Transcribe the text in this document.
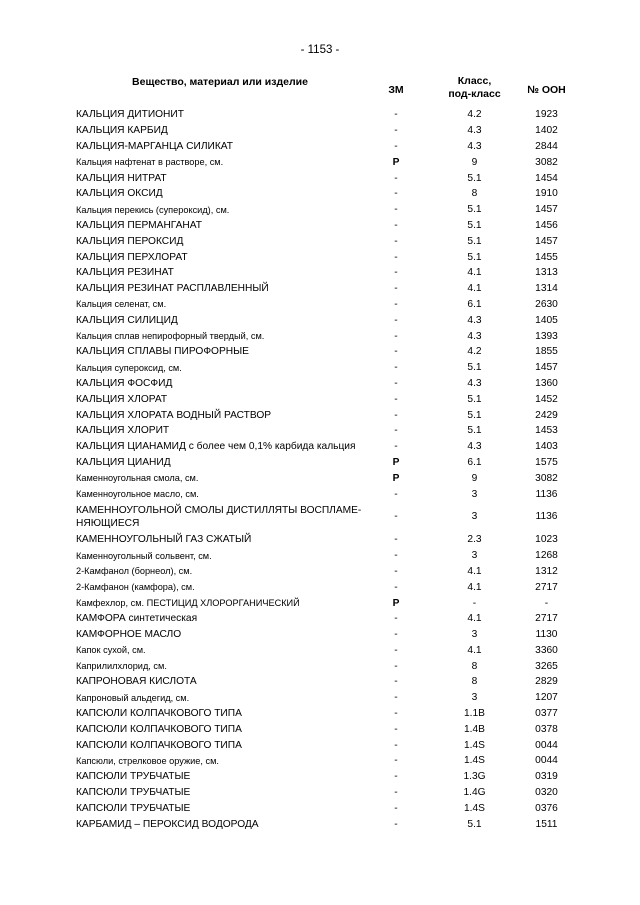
- 1153 -
Вещество, материал или изделие	ЗМ	Класс, под-класс	№ ООН
КАЛЬЦИЯ ДИТИОНИТ	-	4.2	1923
КАЛЬЦИЯ КАРБИД	-	4.3	1402
КАЛЬЦИЯ-МАРГАНЦА СИЛИКАТ	-	4.3	2844
Кальция нафтенат в растворе, см.	P	9	3082
КАЛЬЦИЯ НИТРАТ	-	5.1	1454
КАЛЬЦИЯ ОКСИД	-	8	1910
Кальция перекись (супероксид), см.	-	5.1	1457
КАЛЬЦИЯ ПЕРМАНГАНАТ	-	5.1	1456
КАЛЬЦИЯ ПЕРОКСИД	-	5.1	1457
КАЛЬЦИЯ ПЕРХЛОРАТ	-	5.1	1455
КАЛЬЦИЯ РЕЗИНАТ	-	4.1	1313
КАЛЬЦИЯ РЕЗИНАТ РАСПЛАВЛЕННЫЙ	-	4.1	1314
Кальция селенат, см.	-	6.1	2630
КАЛЬЦИЯ СИЛИЦИД	-	4.3	1405
Кальция сплав непирофорный твердый, см.	-	4.3	1393
КАЛЬЦИЯ СПЛАВЫ ПИРОФОРНЫЕ	-	4.2	1855
Кальция супероксид, см.	-	5.1	1457
КАЛЬЦИЯ ФОСФИД	-	4.3	1360
КАЛЬЦИЯ ХЛОРАТ	-	5.1	1452
КАЛЬЦИЯ ХЛОРАТА ВОДНЫЙ РАСТВОР	-	5.1	2429
КАЛЬЦИЯ ХЛОРИТ	-	5.1	1453
КАЛЬЦИЯ ЦИАНАМИД с более чем 0,1% карбида кальция	-	4.3	1403
КАЛЬЦИЯ ЦИАНИД	P	6.1	1575
Каменноугольная смола, см.	P	9	3082
Каменноугольное масло, см.	-	3	1136
КАМЕННОУГОЛЬНОЙ СМОЛЫ ДИСТИЛЛЯТЫ ВОСПЛАМЕ-НЯЮЩИЕСЯ	-	3	1136
КАМЕННОУГОЛЬНЫЙ ГАЗ СЖАТЫЙ	-	2.3	1023
Каменноугольный сольвент, см.	-	3	1268
2-Камфанол (борнеол), см.	-	4.1	1312
2-Камфанон (камфора), см.	-	4.1	2717
Камфехлор, см. ПЕСТИЦИД ХЛОРОРГАНИЧЕСКИЙ	P	-	-
КАМФОРА синтетическая	-	4.1	2717
КАМФОРНОЕ МАСЛО	-	3	1130
Капок сухой, см.	-	4.1	3360
Каприлилхлорид, см.	-	8	3265
КАПРОНОВАЯ КИСЛОТА	-	8	2829
Капроновый альдегид, см.	-	3	1207
КАПСЮЛИ КОЛПАЧКОВОГО ТИПА	-	1.1B	0377
КАПСЮЛИ КОЛПАЧКОВОГО ТИПА	-	1.4B	0378
КАПСЮЛИ КОЛПАЧКОВОГО ТИПА	-	1.4S	0044
Капсюли, стрелковое оружие, см.	-	1.4S	0044
КАПСЮЛИ ТРУБЧАТЫЕ	-	1.3G	0319
КАПСЮЛИ ТРУБЧАТЫЕ	-	1.4G	0320
КАПСЮЛИ ТРУБЧАТЫЕ	-	1.4S	0376
КАРБАМИД – ПЕРОКСИД ВОДОРОДА	-	5.1	1511
